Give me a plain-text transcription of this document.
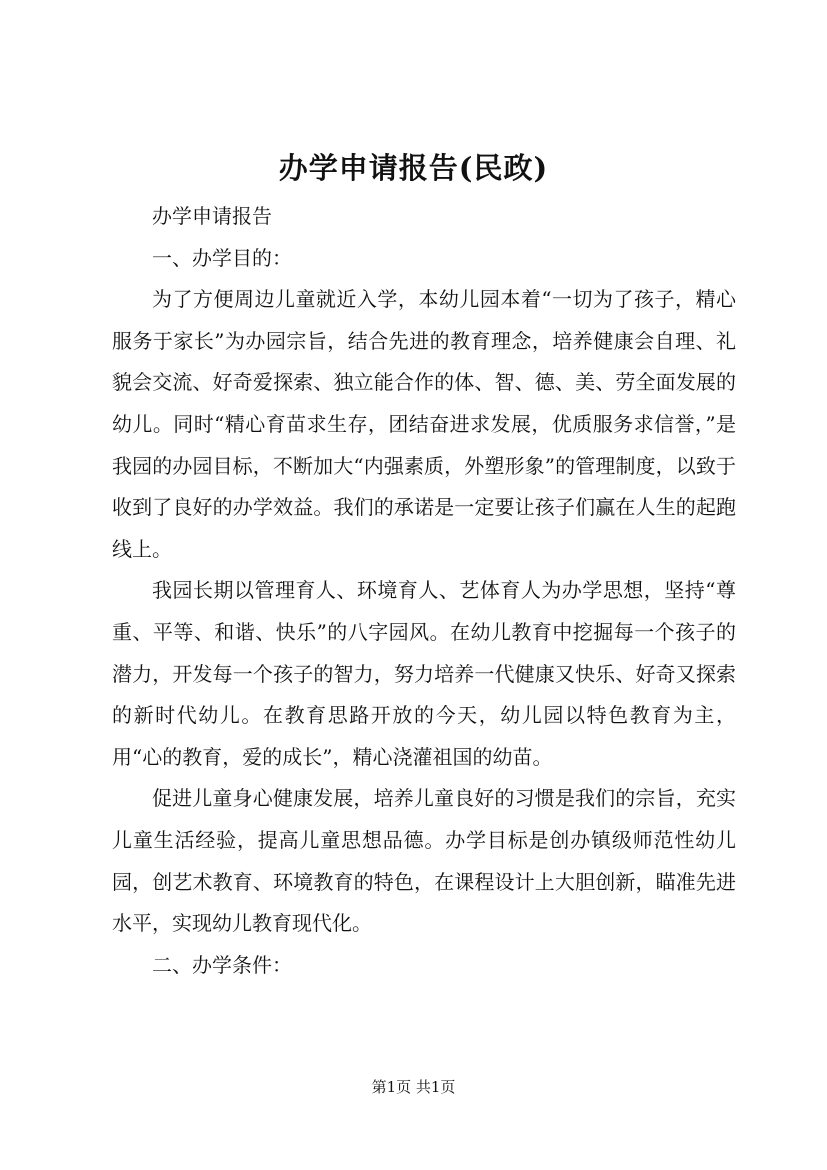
办学申请报告(民政)

办学申请报告

一、办学目的：

为了方便周边儿童就近入学，本幼儿园本着“一切为了孩子，精心服务于家长”为办园宗旨，结合先进的教育理念，培养健康会自理、礼貌会交流、好奇爱探索、独立能合作的体、智、德、美、劳全面发展的幼儿。同时“精心育苗求生存，团结奋进求发展，优质服务求信誉，”是我园的办园目标，不断加大“内强素质，外塑形象”的管理制度，以致于收到了良好的办学效益。我们的承诺是一定要让孩子们赢在人生的起跑线上。

我园长期以管理育人、环境育人、艺体育人为办学思想，坚持“尊重、平等、和谐、快乐”的八字园风。在幼儿教育中挖掘每一个孩子的潜力，开发每一个孩子的智力，努力培养一代健康又快乐、好奇又探索的新时代幼儿。在教育思路开放的今天，幼儿园以特色教育为主，用“心的教育，爱的成长”，精心浇灌祖国的幼苗。

促进儿童身心健康发展，培养儿童良好的习惯是我们的宗旨，充实儿童生活经验，提高儿童思想品德。办学目标是创办镇级师范性幼儿园，创艺术教育、环境教育的特色，在课程设计上大胆创新，瞄准先进水平，实现幼儿教育现代化。

二、办学条件：

第1页 共1页
